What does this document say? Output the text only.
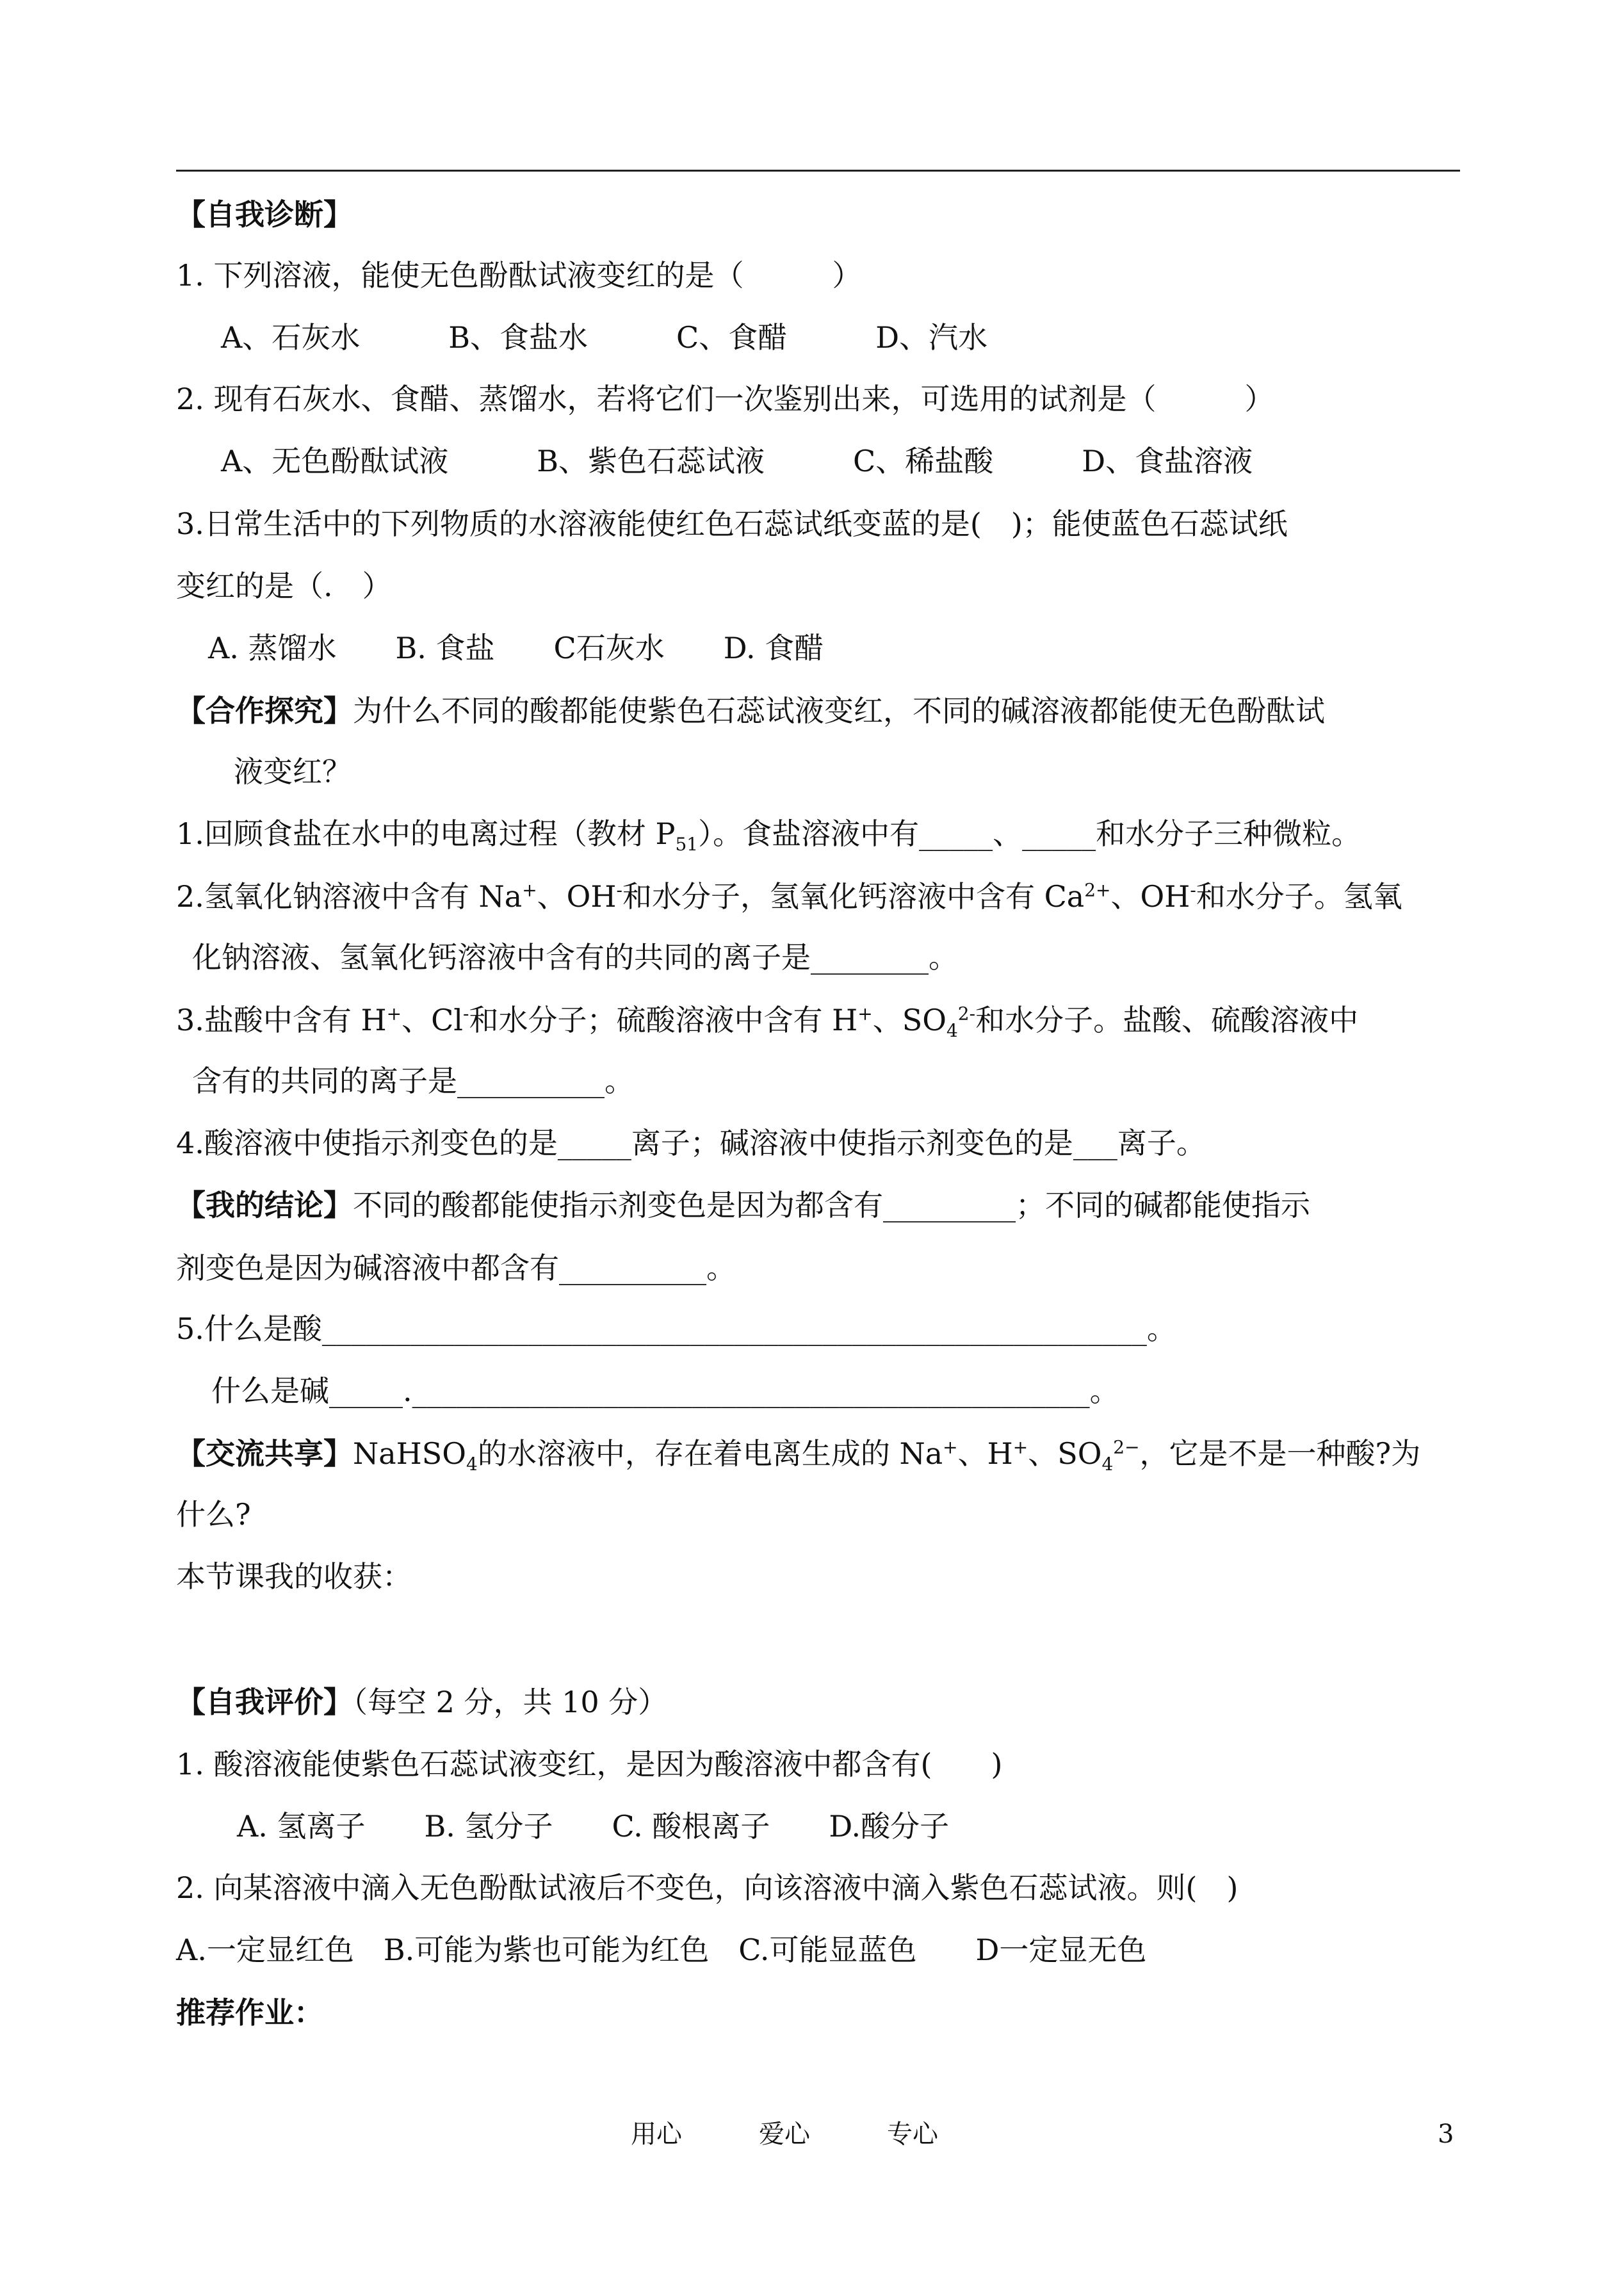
【自我诊断】
1. 下列溶液，能使无色酚酞试液变红的是（　　　）
A、石灰水　　　B、食盐水　　　C、食醋　　　D、汽水
2. 现有石灰水、食醋、蒸馏水，若将它们一次鉴别出来，可选用的试剂是（　　　）
A、无色酚酞试液　　　B、紫色石蕊试液　　　C、稀盐酸　　　D、食盐溶液
3.日常生活中的下列物质的水溶液能使红色石蕊试纸变蓝的是(　)；能使蓝色石蕊试纸
变红的是（.　）
A. 蒸馏水　　B. 食盐　　C石灰水　　D. 食醋
【合作探究】为什么不同的酸都能使紫色石蕊试液变红，不同的碱溶液都能使无色酚酞试
液变红？
1.回顾食盐在水中的电离过程（教材 $P_{51}$）。食盐溶液中有_____、_____和水分子三种微粒。
2.氢氧化钠溶液中含有 Na+、OH-和水分子，氢氧化钙溶液中含有 $Ca^{2+}$、OH-和水分子。氢氧
化钠溶液、氢氧化钙溶液中含有的共同的离子是________。
3.盐酸中含有 H+、Cl-和水分子；硫酸溶液中含有 H+、$SO_4^{2-}$和水分子。盐酸、硫酸溶液中
含有的共同的离子是__________。
4.酸溶液中使指示剂变色的是_____离子；碱溶液中使指示剂变色的是___离子。
【我的结论】不同的酸都能使指示剂变色是因为都含有_________；不同的碱都能使指示
剂变色是因为碱溶液中都含有__________。
5.什么是酸________________________________________________________。
什么是碱_____.______________________________________________。
【交流共享】NaHSO$_4$的水溶液中，存在着电离生成的 Na+、H+、$SO_4^{2-}$，它是不是一种酸?为
什么?
本节课我的收获：
【自我评价】（每空 2 分，共 10 分）
1. 酸溶液能使紫色石蕊试液变红，是因为酸溶液中都含有(　　)
A. 氢离子　　B. 氢分子　　C. 酸根离子　　D.酸分子
2. 向某溶液中滴入无色酚酞试液后不变色，向该溶液中滴入紫色石蕊试液。则(　)
A.一定显红色　B.可能为紫也可能为红色　C.可能显蓝色　　D一定显无色
推荐作业：
用心	爱心	专心	3
